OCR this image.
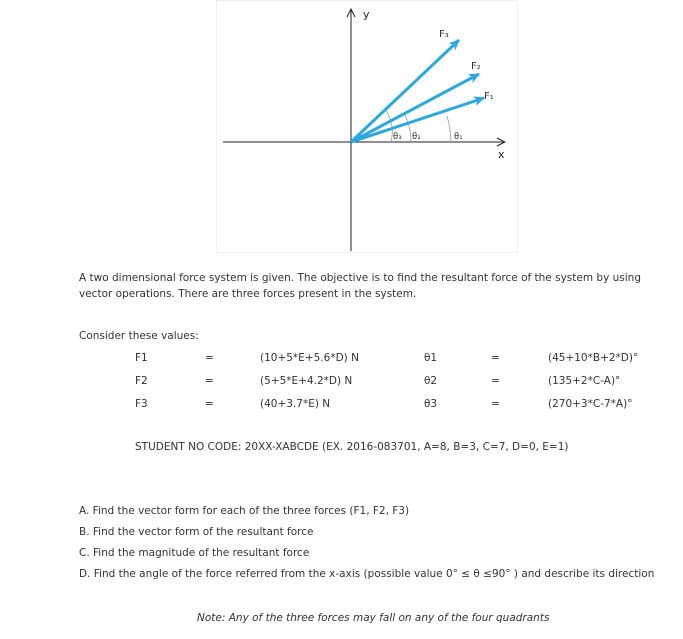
y
x
F₃
F₂
F₁
θ₃ θ₂	θ₁

A two dimensional force system is given. The objective is to find the resultant force of the system by using vector operations. There are three forces present in the system.

Consider these values:

F1	=	(10+5*E+5.6*D) N	θ1	=	(45+10*B+2*D)°
F2	=	(5+5*E+4.2*D) N	θ2	=	(135+2*C-A)°
F3	=	(40+3.7*E) N	θ3	=	(270+3*C-7*A)°

STUDENT NO CODE: 20XX-XABCDE (EX. 2016-083701, A=8, B=3, C=7, D=0, E=1)

A. Find the vector form for each of the three forces (F1, F2, F3)

B. Find the vector form of the resultant force

C. Find the magnitude of the resultant force

D. Find the angle of the force referred from the x-axis (possible value 0° ≤ θ ≤90° ) and describe its direction

Note: Any of the three forces may fall on any of the four quadrants
